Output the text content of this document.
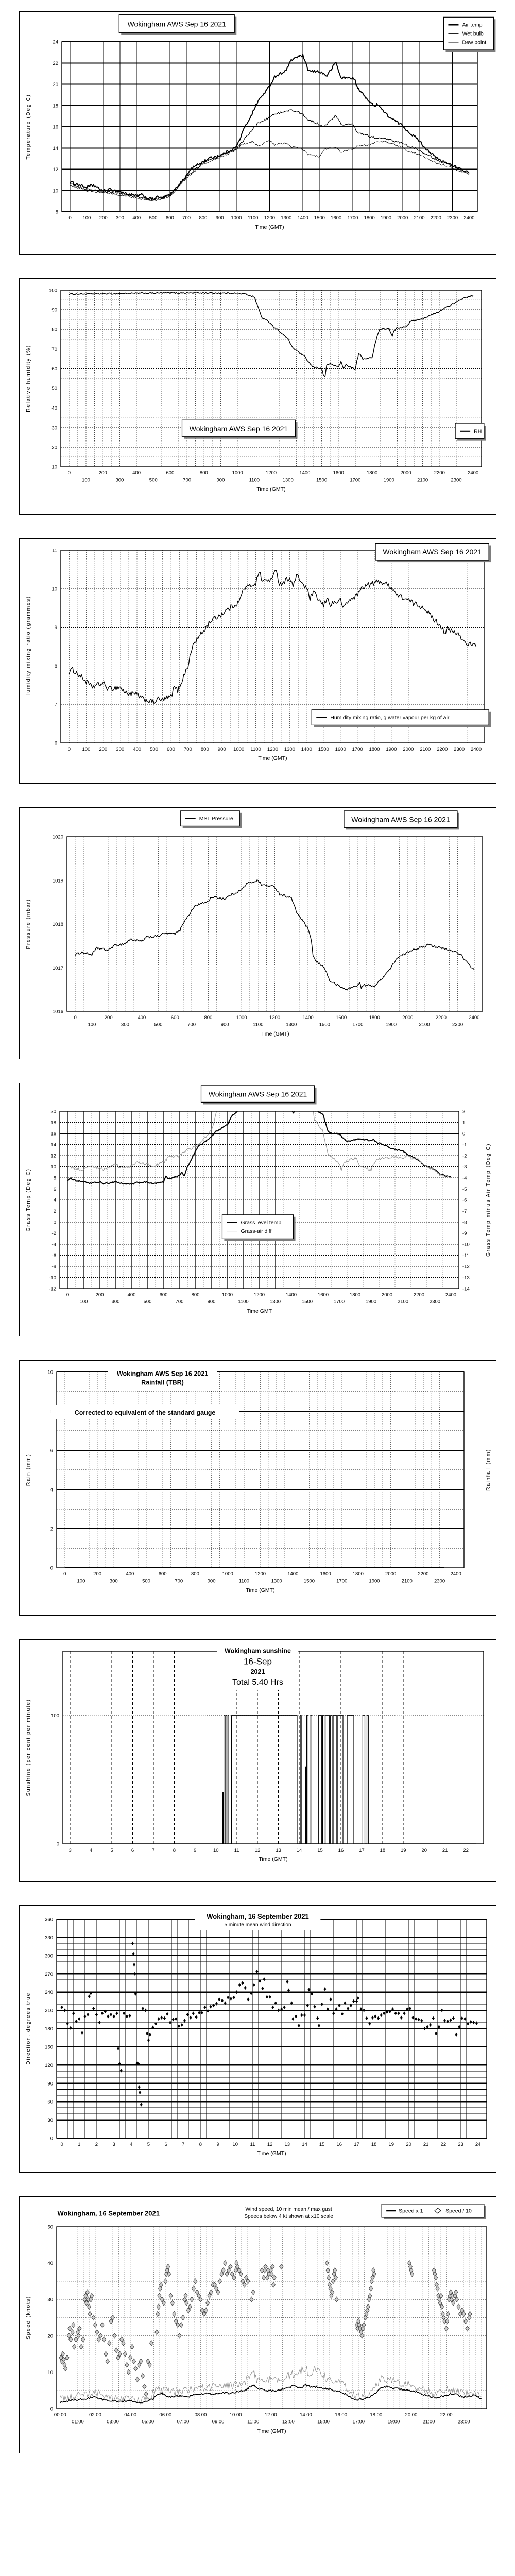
0 100 200 300 400 500 600 700 800 900 1000 1100 1200 1300 1400 1500 1600 1700 1800 1900 2000 2100 2200 2300 2400
Time (GMT)
8
10
12
14
16
18
20
22
24
Temperature (Deg C)
Wokingham AWS Sep 16 2021	Air temp
Wet bulb
Dew point
0
100
200
300
400
500
600
700
800
900
1000
1100
1200
1300
1400
1500
1600
1700
1800
1900
2000
2100
2200
2300
2400
Time (GMT)
10
20
30
40
50
60
70
80
90
100
Relative humidity (%)
Wokingham AWS Sep 16 2021	RH
0 100 200 300 400 500 600 700 800 900 1000 1100 1200 1300 1400 1500 1600 1700 1800 1900 2000 2100 2200 2300 2400
Time (GMT)
6
7
8
9
10
11
Humidity mixing ratio (grammes)
Wokingham AWS Sep 16 2021
Humidity mixing ratio, g water vapour per kg of air
0
100
200
300
400
500
600
700
800
900
1000
1100
1200
1300
1400
1500
1600
1700
1800
1900
2000
2100
2200
2300
2400
Time (GMT)
1016
1017
1018
1019
1020
Pressure (mbar)
MSL Pressure	Wokingham AWS Sep 16 2021
0
100
200
300
400
500
600
700
800
900
1000
1100
1200
1300
1400
1500
1600
1700
1800
1900
2000
2100
2200
2300
2400
Time GMT
-12
-10
-8
-6
-4
-2
0
2
4
6
8
10
12
14
16
18
20
-14
-13
-12
-11
-10
-9
-8
-7
-6
-5
-4
-3
-2
-1
0
1
2
Grass Temp (Deg C)	Grass Temp minus Air Temp (Deg C)
Wokingham AWS Sep 16 2021
Grass level temp
Grass-air diff
0
100
200
300
400
500
600
700
800
900
1000
1100
1200
1300
1400
1500
1600
1700
1800
1900
2000
2100
2200
2300
2400
Time (GMT)
0
2
4
6
10
Rain (mm)	Rainfall (mm)
Wokingham AWS Sep 16 2021
Rainfall (TBR)
Corrected to equivalent of the standard gauge
3	4	5	6	7	8	9	10	11	12	13	14	15	16	17	18	19	20	21	22
Time (GMT)
0
100
Sunshine (per cent per minute)
Wokingham sunshine
16-Sep
2021
Total 5.40 Hrs
0	1	2	3	4	5	6	7	8	9	10 11 12 13 14 15 16 17 18 19 20 21 22 23 24
Time (GMT)
0
30
60
90
120
150
180
210
240
270
300
330
360
Direction, degrees true
Wokingham, 16 September 2021
5 minute mean wind direction
00:00
01:00
02:00
03:00
04:00
05:00
06:00
07:00
08:00
09:00
10:00
11:00
12:00
13:00
14:00
15:00
16:00
17:00
18:00
19:00
20:00
21:00
22:00
23:00
Time (GMT)
0
10
20
30
40
50
Speed (knots)
Wokingham, 16 September 2021	Wind speed, 10 min mean / max gust
Speeds below 4 kt shown at x10 scale
Speed x 1	Speed / 10
